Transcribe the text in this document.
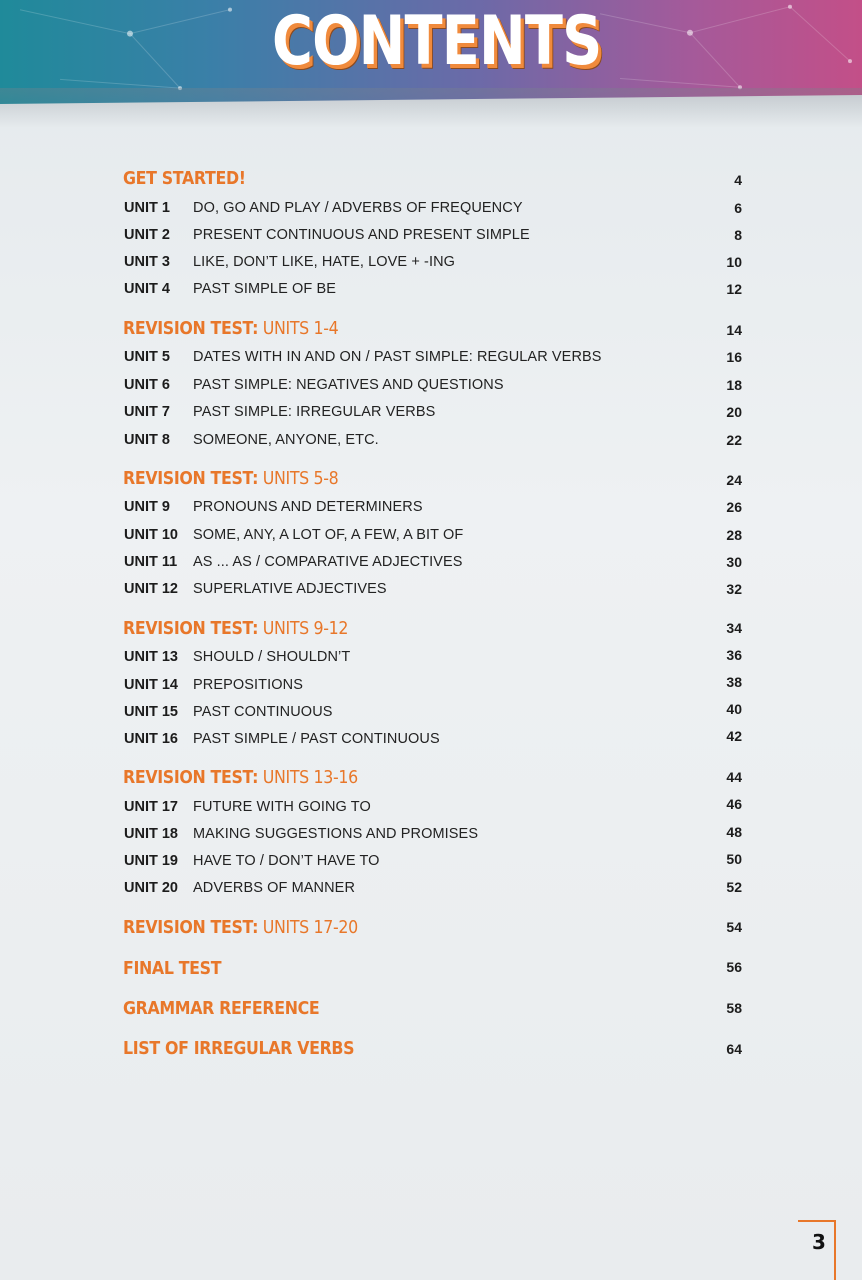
CONTENTS
GET STARTED!	4
UNIT 1 DO, GO AND PLAY / ADVERBS OF FREQUENCY	6
UNIT 2 PRESENT CONTINUOUS AND PRESENT SIMPLE	8
UNIT 3 LIKE, DON’T LIKE, HATE, LOVE + -ING	10
UNIT 4 PAST SIMPLE OF BE	12
REVISION TEST: UNITS 1-4	14
UNIT 5 DATES WITH IN AND ON / PAST SIMPLE: REGULAR VERBS	16
UNIT 6 PAST SIMPLE: NEGATIVES AND QUESTIONS	18
UNIT 7 PAST SIMPLE: IRREGULAR VERBS	20
UNIT 8 SOMEONE, ANYONE, ETC.	22
REVISION TEST: UNITS 5-8	24
UNIT 9 PRONOUNS AND DETERMINERS	26
UNIT 10 SOME, ANY, A LOT OF, A FEW, A BIT OF	28
UNIT 11 AS ... AS / COMPARATIVE ADJECTIVES	30
UNIT 12 SUPERLATIVE ADJECTIVES	32
REVISION TEST: UNITS 9-12	34
UNIT 13 SHOULD / SHOULDN’T	36
UNIT 14 PREPOSITIONS	38
UNIT 15 PAST CONTINUOUS	40
UNIT 16 PAST SIMPLE / PAST CONTINUOUS	42
REVISION TEST: UNITS 13-16	44
UNIT 17 FUTURE WITH GOING TO	46
UNIT 18 MAKING SUGGESTIONS AND PROMISES	48
UNIT 19 HAVE TO / DON’T HAVE TO	50
UNIT 20 ADVERBS OF MANNER	52
REVISION TEST: UNITS 17-20	54
FINAL TEST	56
GRAMMAR REFERENCE	58
LIST OF IRREGULAR VERBS	64
3
